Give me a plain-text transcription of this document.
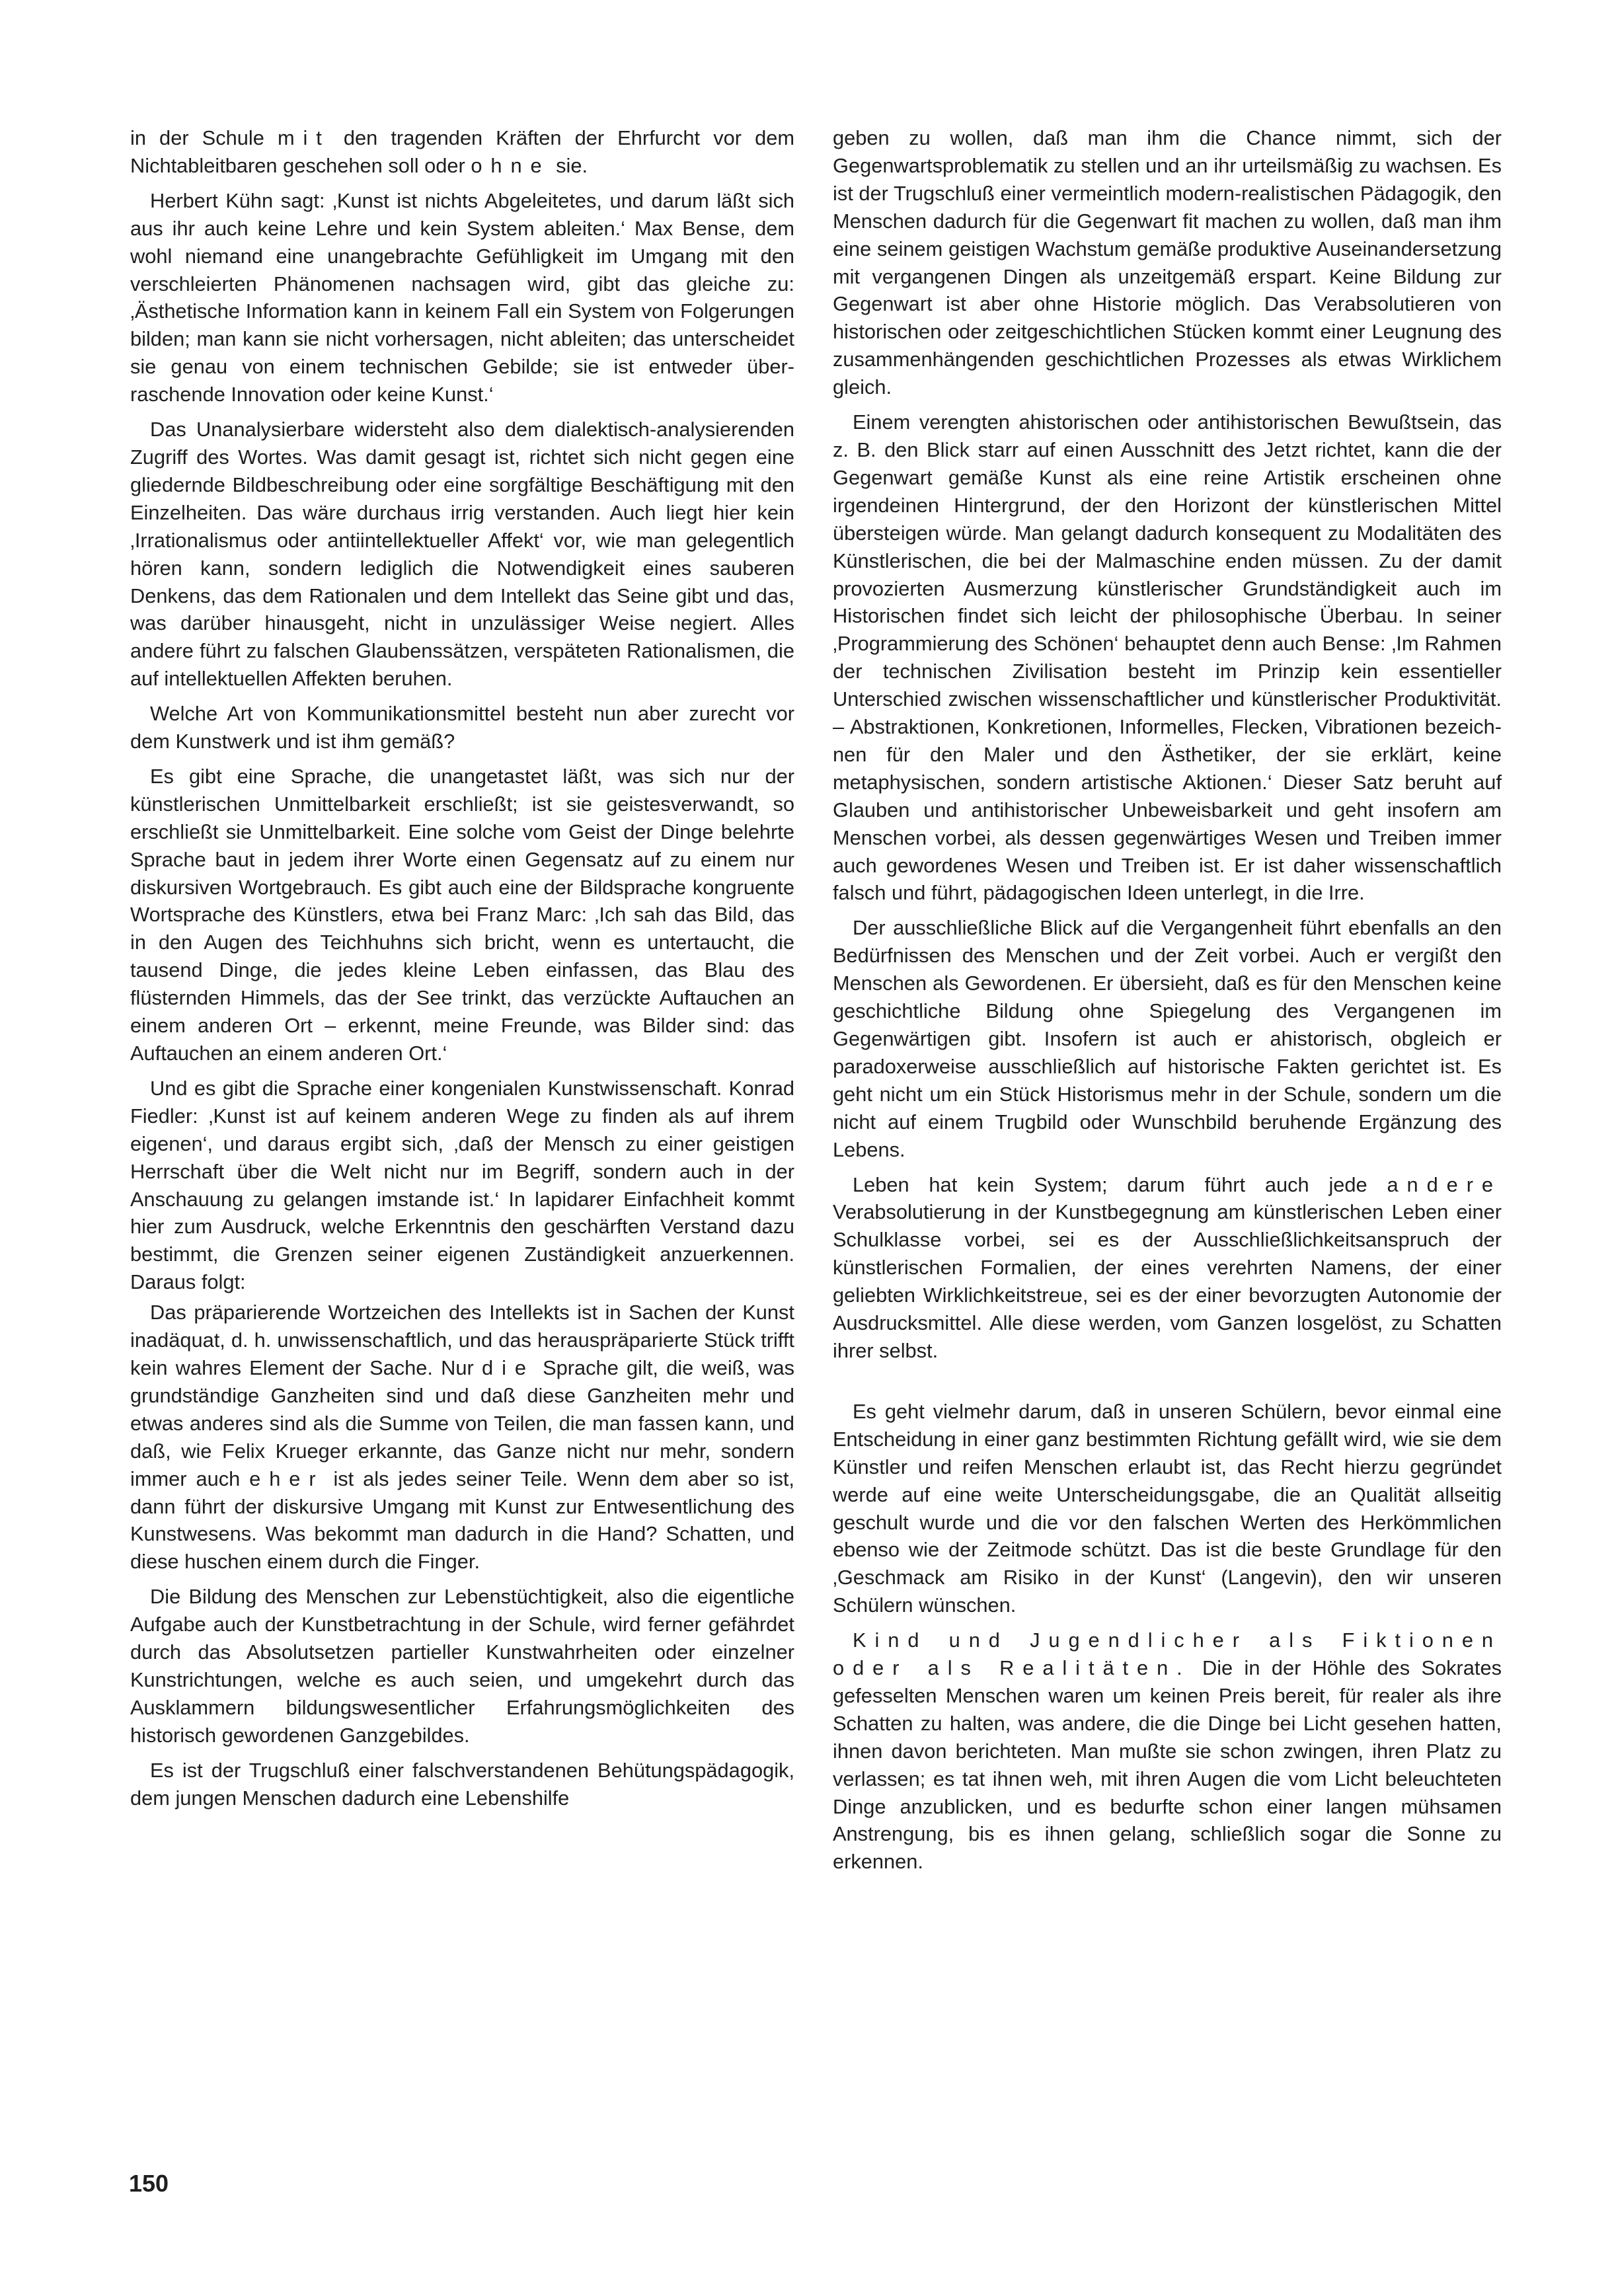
in der Schule mit den tragenden Kräften der Ehrfurcht vor dem Nichtableitbaren geschehen soll oder ohne sie.

Herbert Kühn sagt: ‚Kunst ist nichts Abgeleitetes, und darum läßt sich aus ihr auch keine Lehre und kein System ableiten.‘ Max Bense, dem wohl niemand eine unangebrachte Gefühligkeit im Umgang mit den verschleierten Phänomenen nachsagen wird, gibt das gleiche zu: ‚Ästhetische Information kann in keinem Fall ein System von Folgerungen bilden; man kann sie nicht vorhersagen, nicht ableiten; das unterscheidet sie genau von einem technischen Gebilde; sie ist entweder überraschende Innovation oder keine Kunst.‘

Das Unanalysierbare widersteht also dem dialektisch-analysierenden Zugriff des Wortes. Was damit gesagt ist, richtet sich nicht gegen eine gliedernde Bildbeschreibung oder eine sorgfältige Beschäftigung mit den Einzelheiten. Das wäre durchaus irrig verstanden. Auch liegt hier kein ‚Irrationalismus oder antiintellektueller Affekt‘ vor, wie man gelegentlich hören kann, sondern lediglich die Notwendigkeit eines sauberen Denkens, das dem Rationalen und dem Intellekt das Seine gibt und das, was darüber hinausgeht, nicht in unzulässiger Weise negiert. Alles andere führt zu falschen Glaubenssätzen, verspäteten Rationalismen, die auf intellektuellen Affekten beruhen.

Welche Art von Kommunikationsmittel besteht nun aber zurecht vor dem Kunstwerk und ist ihm gemäß?

Es gibt eine Sprache, die unangetastet läßt, was sich nur der künstlerischen Unmittelbarkeit erschließt; ist sie geistesverwandt, so erschließt sie Unmittelbarkeit. Eine solche vom Geist der Dinge belehrte Sprache baut in jedem ihrer Worte einen Gegensatz auf zu einem nur diskursiven Wortgebrauch. Es gibt auch eine der Bildsprache kongruente Wortsprache des Künstlers, etwa bei Franz Marc: ‚Ich sah das Bild, das in den Augen des Teichhuhns sich bricht, wenn es untertaucht, die tausend Dinge, die jedes kleine Leben einfassen, das Blau des flüsternden Himmels, das der See trinkt, das verzückte Auftauchen an einem anderen Ort – erkennt, meine Freunde, was Bilder sind: das Auftauchen an einem anderen Ort.‘

Und es gibt die Sprache einer kongenialen Kunstwissenschaft. Konrad Fiedler: ‚Kunst ist auf keinem anderen Wege zu finden als auf ihrem eigenen‘, und daraus ergibt sich, ‚daß der Mensch zu einer geistigen Herrschaft über die Welt nicht nur im Begriff, sondern auch in der Anschauung zu gelangen imstande ist.‘ In lapidarer Einfachheit kommt hier zum Ausdruck, welche Erkenntnis den geschärften Verstand dazu bestimmt, die Grenzen seiner eigenen Zuständigkeit anzuerkennen. Daraus folgt:

Das präparierende Wortzeichen des Intellekts ist in Sachen der Kunst inadäquat, d. h. unwissenschaftlich, und das herauspräparierte Stück trifft kein wahres Element der Sache. Nur die Sprache gilt, die weiß, was grundständige Ganzheiten sind und daß diese Ganzheiten mehr und etwas anderes sind als die Summe von Teilen, die man fassen kann, und daß, wie Felix Krueger erkannte, das Ganze nicht nur mehr, sondern immer auch eher ist als jedes seiner Teile. Wenn dem aber so ist, dann führt der diskursive Umgang mit Kunst zur Entwesentlichung des Kunstwesens. Was bekommt man dadurch in die Hand? Schatten, und diese huschen einem durch die Finger.

Die Bildung des Menschen zur Lebenstüchtigkeit, also die eigentliche Aufgabe auch der Kunstbetrachtung in der Schule, wird ferner gefährdet durch das Absolutsetzen partieller Kunstwahrheiten oder einzelner Kunstrichtungen, welche es auch seien, und umgekehrt durch das Ausklammern bildungswesentlicher Erfahrungsmöglichkeiten des historisch gewordenen Ganzgebildes.

Es ist der Trugschluß einer falschverstandenen Behütungspädagogik, dem jungen Menschen dadurch eine Lebenshilfe

geben zu wollen, daß man ihm die Chance nimmt, sich der Gegenwartsproblematik zu stellen und an ihr urteilsmäßig zu wachsen. Es ist der Trugschluß einer vermeintlich modern-realistischen Pädagogik, den Menschen dadurch für die Gegenwart fit machen zu wollen, daß man ihm eine seinem geistigen Wachstum gemäße produktive Auseinandersetzung mit vergangenen Dingen als unzeitgemäß erspart. Keine Bildung zur Gegenwart ist aber ohne Historie möglich. Das Verabsolutieren von historischen oder zeitgeschichtlichen Stücken kommt einer Leugnung des zusammenhängenden geschichtlichen Prozesses als etwas Wirklichem gleich.

Einem verengten ahistorischen oder antihistorischen Bewußtsein, das z. B. den Blick starr auf einen Ausschnitt des Jetzt richtet, kann die der Gegenwart gemäße Kunst als eine reine Artistik erscheinen ohne irgendeinen Hintergrund, der den Horizont der künstlerischen Mittel übersteigen würde. Man gelangt dadurch konsequent zu Modalitäten des Künstlerischen, die bei der Malmaschine enden müssen. Zu der damit provozierten Ausmerzung künstlerischer Grundständigkeit auch im Historischen findet sich leicht der philosophische Überbau. In seiner ‚Programmierung des Schönen‘ behauptet denn auch Bense: ‚Im Rahmen der technischen Zivilisation besteht im Prinzip kein essentieller Unterschied zwischen wissenschaftlicher und künstlerischer Produktivität. – Abstraktionen, Konkretionen, Informelles, Flecken, Vibrationen bezeichnen für den Maler und den Ästhetiker, der sie erklärt, keine metaphysischen, sondern artistische Aktionen.‘ Dieser Satz beruht auf Glauben und antihistorischer Unbeweisbarkeit und geht insofern am Menschen vorbei, als dessen gegenwärtiges Wesen und Treiben immer auch gewordenes Wesen und Treiben ist. Er ist daher wissenschaftlich falsch und führt, pädagogischen Ideen unterlegt, in die Irre.

Der ausschließliche Blick auf die Vergangenheit führt ebenfalls an den Bedürfnissen des Menschen und der Zeit vorbei. Auch er vergißt den Menschen als Gewordenen. Er übersieht, daß es für den Menschen keine geschichtliche Bildung ohne Spiegelung des Vergangenen im Gegenwärtigen gibt. Insofern ist auch er ahistorisch, obgleich er paradoxerweise ausschließlich auf historische Fakten gerichtet ist. Es geht nicht um ein Stück Historismus mehr in der Schule, sondern um die nicht auf einem Trugbild oder Wunschbild beruhende Ergänzung des Lebens.

Leben hat kein System; darum führt auch jede andere Verabsolutierung in der Kunstbegegnung am künstlerischen Leben einer Schulklasse vorbei, sei es der Ausschließlichkeitsanspruch der künstlerischen Formalien, der eines verehrten Namens, der einer geliebten Wirklichkeitstreue, sei es der einer bevorzugten Autonomie der Ausdrucksmittel. Alle diese werden, vom Ganzen losgelöst, zu Schatten ihrer selbst.

Es geht vielmehr darum, daß in unseren Schülern, bevor einmal eine Entscheidung in einer ganz bestimmten Richtung gefällt wird, wie sie dem Künstler und reifen Menschen erlaubt ist, das Recht hierzu gegründet werde auf eine weite Unterscheidungsgabe, die an Qualität allseitig geschult wurde und die vor den falschen Werten des Herkömmlichen ebenso wie der Zeitmode schützt. Das ist die beste Grundlage für den ‚Geschmack am Risiko in der Kunst‘ (Langevin), den wir unseren Schülern wünschen.

Kind und Jugendlicher als Fiktionen oder als Realitäten. Die in der Höhle des Sokrates gefesselten Menschen waren um keinen Preis bereit, für realer als ihre Schatten zu halten, was andere, die die Dinge bei Licht gesehen hatten, ihnen davon berichteten. Man mußte sie schon zwingen, ihren Platz zu verlassen; es tat ihnen weh, mit ihren Augen die vom Licht beleuchteten Dinge anzublicken, und es bedurfte schon einer langen mühsamen Anstrengung, bis es ihnen gelang, schließlich sogar die Sonne zu erkennen.

150
